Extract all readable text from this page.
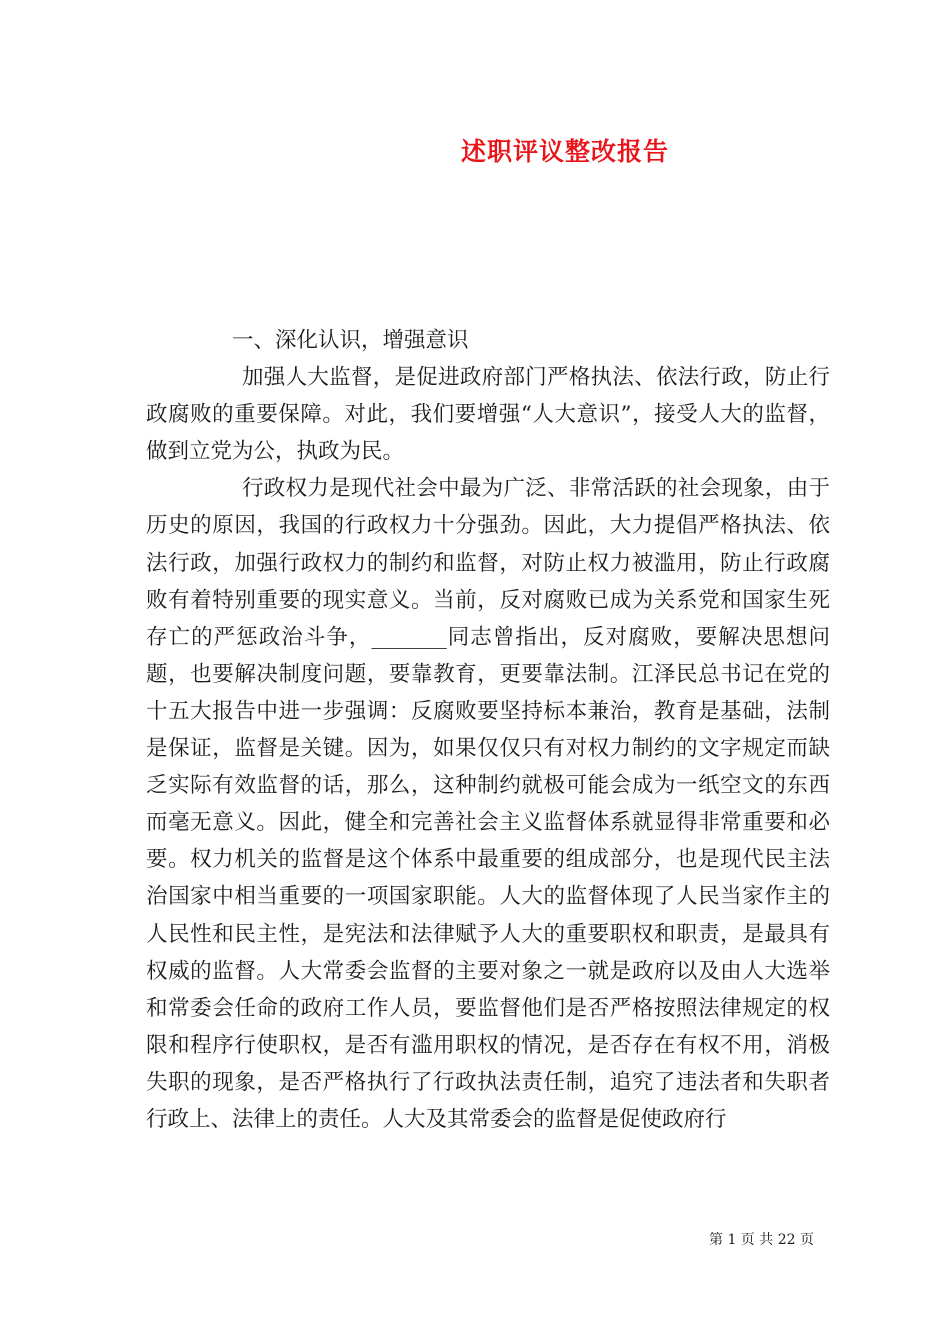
述职评议整改报告

一、深化认识，增强意识

加强人大监督，是促进政府部门严格执法、依法行政，防止行政腐败的重要保障。对此，我们要增强“人大意识”，接受人大的监督，做到立党为公，执政为民。

行政权力是现代社会中最为广泛、非常活跃的社会现象，由于历史的原因，我国的行政权力十分强劲。因此，大力提倡严格执法、依法行政，加强行政权力的制约和监督，对防止权力被滥用，防止行政腐败有着特别重要的现实意义。当前，反对腐败已成为关系党和国家生死存亡的严惩政治斗争，_______同志曾指出，反对腐败，要解决思想问题，也要解决制度问题，要靠教育，更要靠法制。江泽民总书记在党的十五大报告中进一步强调：反腐败要坚持标本兼治，教育是基础，法制是保证，监督是关键。因为，如果仅仅只有对权力制约的文字规定而缺乏实际有效监督的话，那么，这种制约就极可能会成为一纸空文的东西而毫无意义。因此，健全和完善社会主义监督体系就显得非常重要和必要。权力机关的监督是这个体系中最重要的组成部分，也是现代民主法治国家中相当重要的一项国家职能。人大的监督体现了人民当家作主的人民性和民主性，是宪法和法律赋予人大的重要职权和职责，是最具有权威的监督。人大常委会监督的主要对象之一就是政府以及由人大选举和常委会任命的政府工作人员，要监督他们是否严格按照法律规定的权限和程序行使职权，是否有滥用职权的情况，是否存在有权不用，消极失职的现象，是否严格执行了行政执法责任制，追究了违法者和失职者行政上、法律上的责任。人大及其常委会的监督是促使政府行

第 1 页 共 22 页
